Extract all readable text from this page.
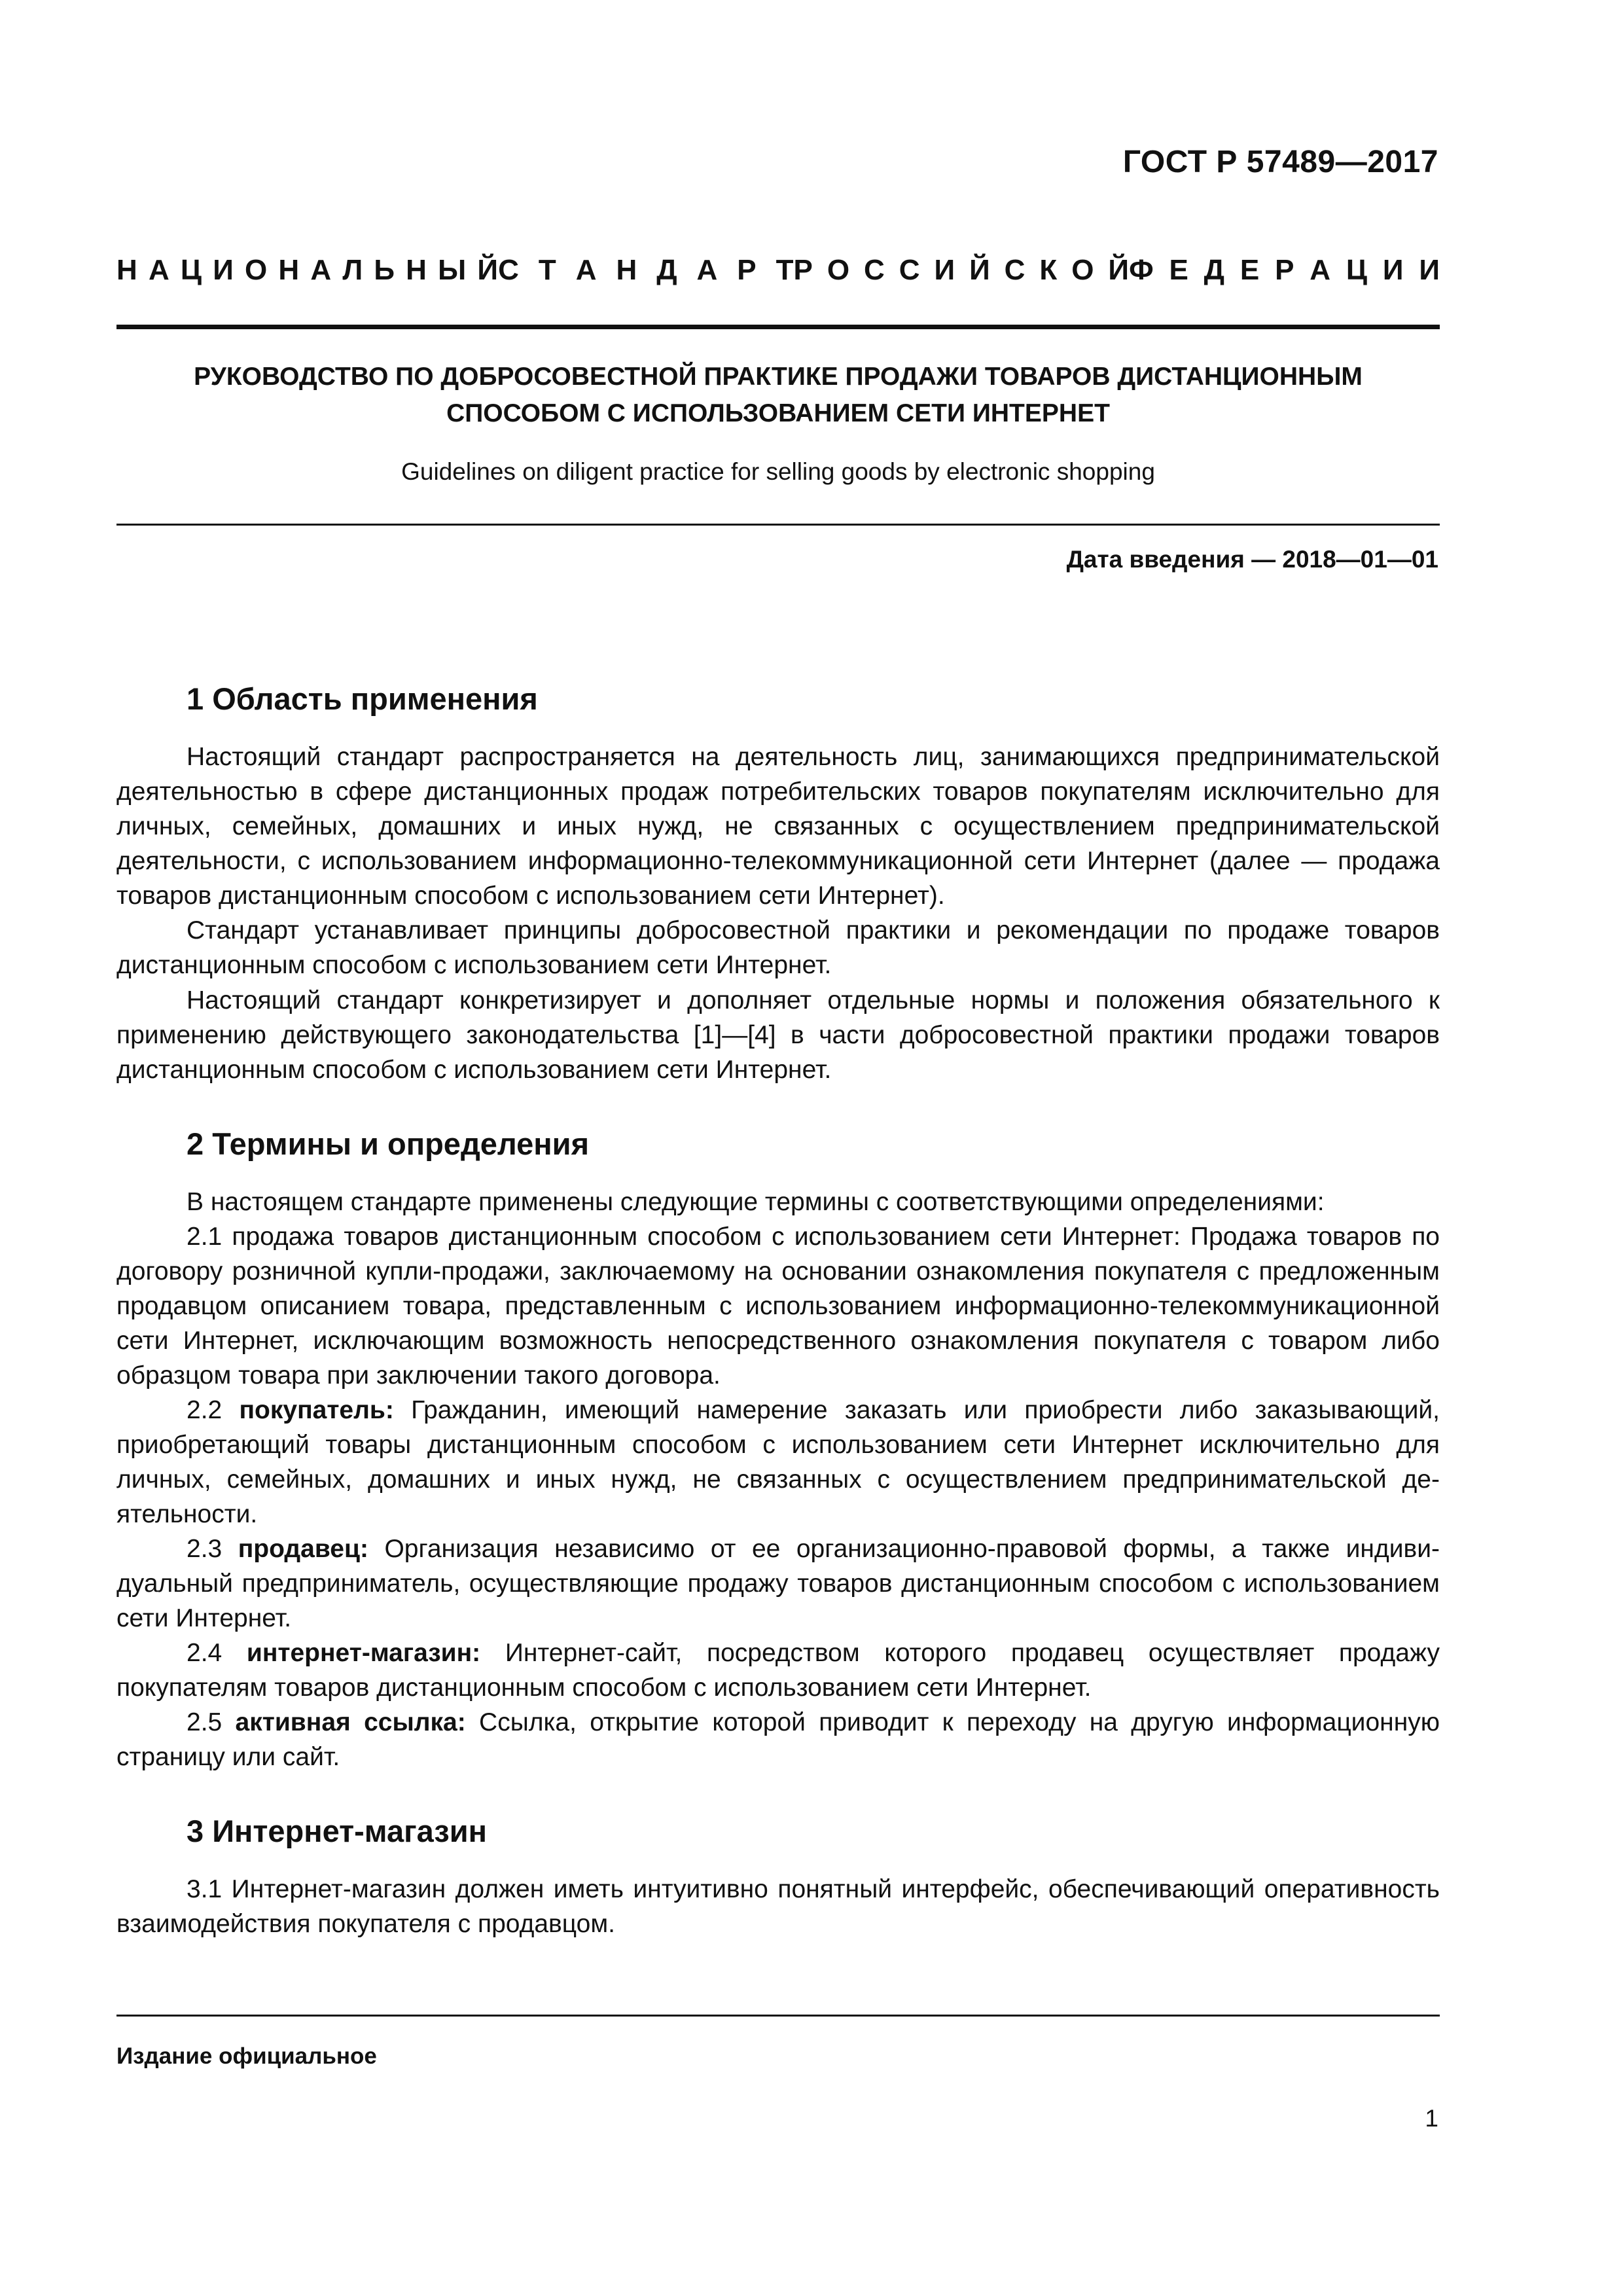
ГОСТ Р 57489—2017
Н А Ц И О Н А Л Ь Н Ы Й С Т А Н Д А Р Т Р О С С И Й С К О Й Ф Е Д Е Р А Ц И И
РУКОВОДСТВО ПО ДОБРОСОВЕСТНОЙ ПРАКТИКЕ ПРОДАЖИ ТОВАРОВ ДИСТАНЦИОННЫМ
СПОСОБОМ С ИСПОЛЬЗОВАНИЕМ СЕТИ ИНТЕРНЕТ
Guidelines on diligent practice for selling goods by electronic shopping
Дата введения — 2018—01—01
1 Область применения
Настоящий стандарт распространяется на деятельность лиц, занимающихся предпринимательской деятельностью в сфере дистанционных продаж потребительских товаров покупателям исключительно для личных, семейных, домашних и иных нужд, не связанных с осуществлением предпринимательской деятельности, с использованием информационно-телекоммуникационной сети Интернет (далее — продажа товаров дистанционным способом с использованием сети Интернет).
Стандарт устанавливает принципы добросовестной практики и рекомендации по продаже товаров дистанционным способом с использованием сети Интернет.
Настоящий стандарт конкретизирует и дополняет отдельные нормы и положения обязательного к применению действующего законодательства [1]—[4] в части добросовестной практики продажи товаров дистанционным способом с использованием сети Интернет.
2 Термины и определения
В настоящем стандарте применены следующие термины с соответствующими определениями:
2.1 продажа товаров дистанционным способом с использованием сети Интернет: Продажа товаров по договору розничной купли-продажи, заключаемому на основании ознакомления покупателя с предложенным продавцом описанием товара, представленным с использованием информационно-телекоммуникационной сети Интернет, исключающим возможность непосредственного ознакомления покупателя с товаром либо образцом товара при заключении такого договора.
2.2 покупатель: Гражданин, имеющий намерение заказать или приобрести либо заказывающий, приобретающий товары дистанционным способом с использованием сети Интернет исключительно для личных, семейных, домашних и иных нужд, не связанных с осуществлением предпринимательской деятельности.
2.3 продавец: Организация независимо от ее организационно-правовой формы, а также индивидуальный предприниматель, осуществляющие продажу товаров дистанционным способом с использованием сети Интернет.
2.4 интернет-магазин: Интернет-сайт, посредством которого продавец осуществляет продажу покупателям товаров дистанционным способом с использованием сети Интернет.
2.5 активная ссылка: Ссылка, открытие которой приводит к переходу на другую информационную страницу или сайт.
3 Интернет-магазин
3.1 Интернет-магазин должен иметь интуитивно понятный интерфейс, обеспечивающий оперативность взаимодействия покупателя с продавцом.
Издание официальное
1
